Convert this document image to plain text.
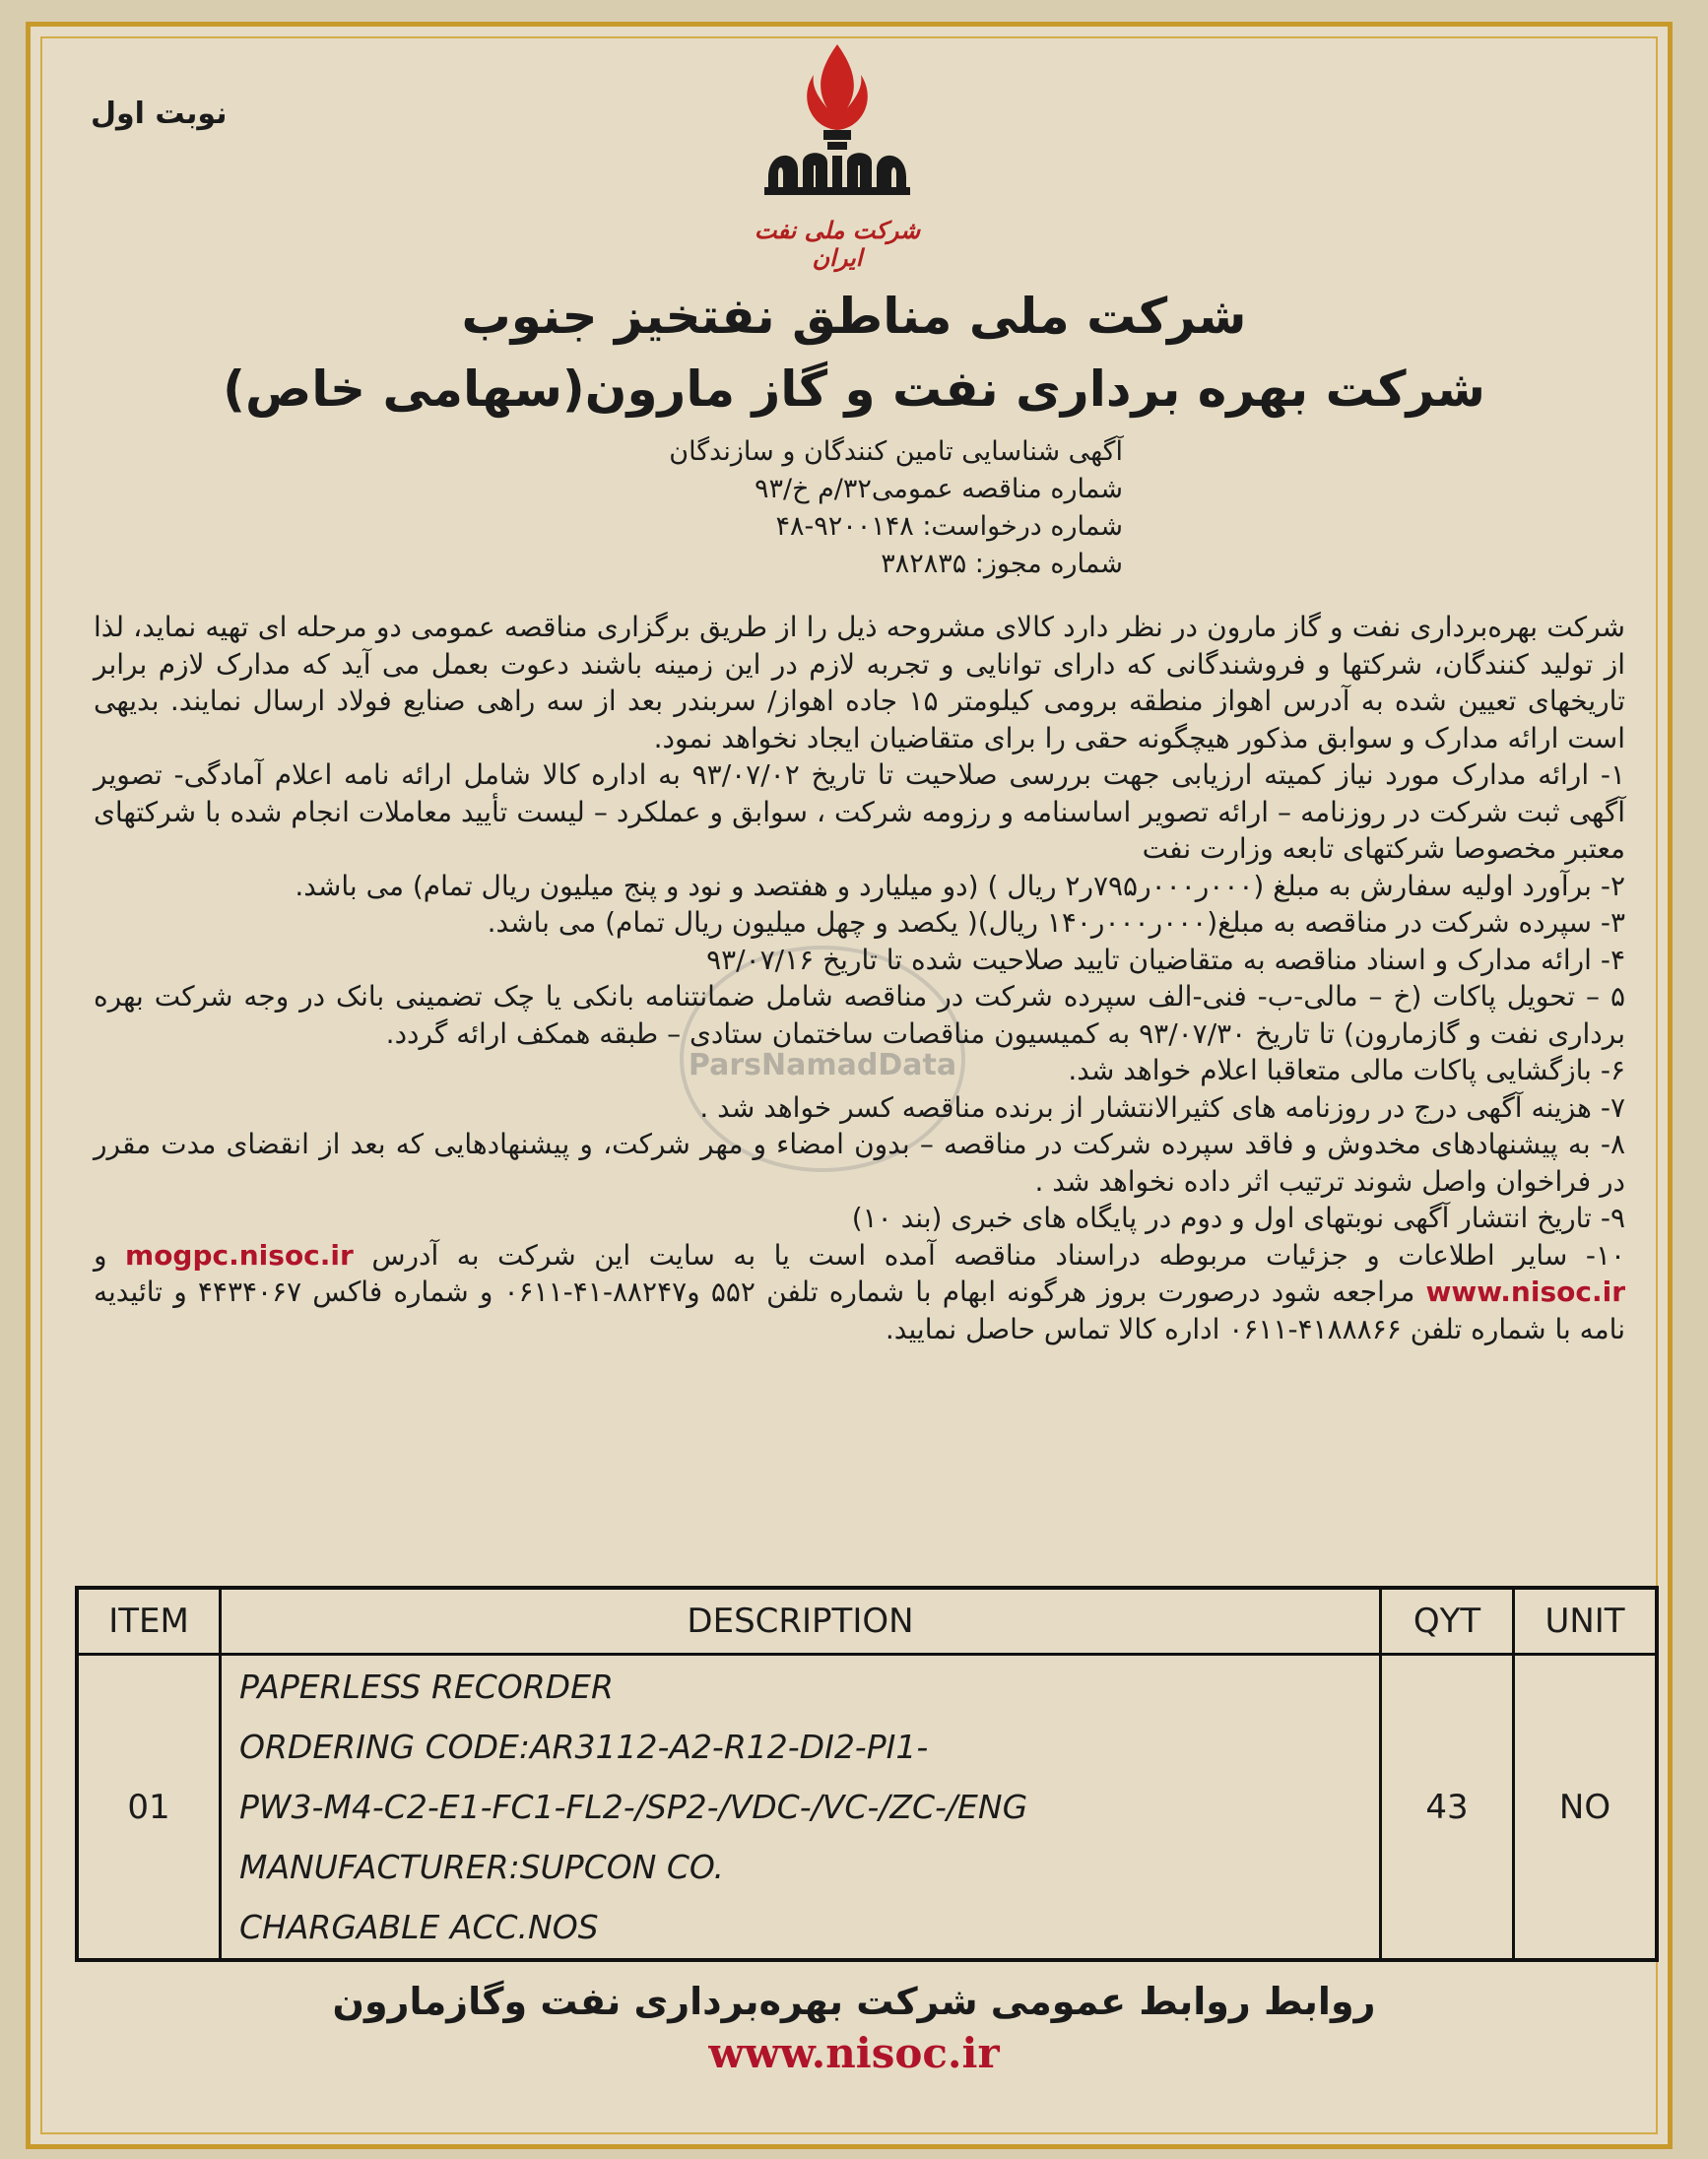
نوبت اول
شرکت ملی نفت ایران
شرکت ملی مناطق نفتخیز جنوب
شرکت بهره برداری نفت و گاز مارون(سهامی خاص)
آگهی شناسایی تامین کنندگان و سازندگان
شماره مناقصه عمومی۳۲/م خ/۹۳
شماره درخواست: ۹۲۰۰۱۴۸-۴۸
شماره مجوز: ۳۸۲۸۳۵
ParsNamadData

شرکت بهره‌برداری نفت و گاز مارون در نظر دارد کالای مشروحه ذیل را از طریق برگزاری مناقصه عمومی دو مرحله ای تهیه نماید، لذا از تولید کنندگان، شرکتها و فروشندگانی که دارای توانایی و تجربه لازم در این زمینه باشند دعوت بعمل می آید که مدارک لازم برابر تاریخهای تعیین شده به آدرس اهواز منطقه برومی کیلومتر ۱۵ جاده اهواز/ سربندر بعد از سه راهی صنایع فولاد ارسال نمایند. بدیهی است ارائه مدارک و سوابق مذکور هیچگونه حقی را برای متقاضیان ایجاد نخواهد نمود.

۱- ارائه مدارک مورد نیاز کمیته ارزیابی جهت بررسی صلاحیت تا تاریخ ۹۳/۰۷/۰۲ به اداره کالا شامل ارائه نامه اعلام آمادگی- تصویر آگهی ثبت شرکت در روزنامه – ارائه تصویر اساسنامه و رزومه شرکت ، سوابق و عملکرد – لیست تأیید معاملات انجام شده با شرکتهای معتبر مخصوصا شرکتهای تابعه وزارت نفت

۲- برآورد اولیه سفارش به مبلغ (۰۰۰ر۰۰۰ر۷۹۵ر۲ ریال ) (دو میلیارد و هفتصد و نود و پنج میلیون ریال تمام) می باشد.

۳- سپرده شرکت در مناقصه به مبلغ(۰۰۰ر۰۰۰ر۱۴۰ ریال)( یکصد و چهل میلیون ریال تمام) می باشد.

۴- ارائه مدارک و اسناد مناقصه به متقاضیان تایید صلاحیت شده تا تاریخ ۹۳/۰۷/۱۶

۵ – تحویل پاکات (خ – مالی-ب- فنی-الف سپرده شرکت در مناقصه شامل ضمانتنامه بانکی یا چک تضمینی بانک در وجه شرکت بهره برداری نفت و گازمارون) تا تاریخ ۹۳/۰۷/۳۰ به کمیسیون مناقصات ساختمان ستادی – طبقه همکف ارائه گردد.

۶- بازگشایی پاکات مالی متعاقبا اعلام خواهد شد.

۷- هزینه آگهی درج در روزنامه های کثیرالانتشار از برنده مناقصه کسر خواهد شد .

۸- به پیشنهادهای مخدوش و فاقد سپرده شرکت در مناقصه – بدون امضاء و مهر شرکت، و پیشنهادهایی که بعد از انقضای مدت مقرر در فراخوان واصل شوند ترتیب اثر داده نخواهد شد .

۹- تاریخ انتشار آگهی نوبتهای اول و دوم در پایگاه های خبری (بند ۱۰)

۱۰- سایر اطلاعات و جزئیات مربوطه دراسناد مناقصه آمده است یا به سایت این شرکت به آدرس mogpc.nisoc.ir و www.nisoc.ir مراجعه شود درصورت بروز هرگونه ابهام با شماره تلفن ۵۵۲ و۸۸۲۴۷-۴۱-۰۶۱۱ و شماره فاکس ۴۴۳۴۰۶۷ و تائیدیه نامه با شماره تلفن ۴۱۸۸۸۶۶-۰۶۱۱ اداره کالا تماس حاصل نمایید.

ITEM	DESCRIPTION	QYT	UNIT
01	PAPERLESS RECORDER
ORDERING CODE:AR3112-A2-R12-DI2-PI1-
PW3-M4-C2-E1-FC1-FL2-/SP2-/VDC-/VC-/ZC-/ENG
MANUFACTURER:SUPCON CO.
CHARGABLE ACC.NOS	43	NO
روابط روابط عمومی شرکت بهره‌برداری نفت وگازمارون
www.nisoc.ir
